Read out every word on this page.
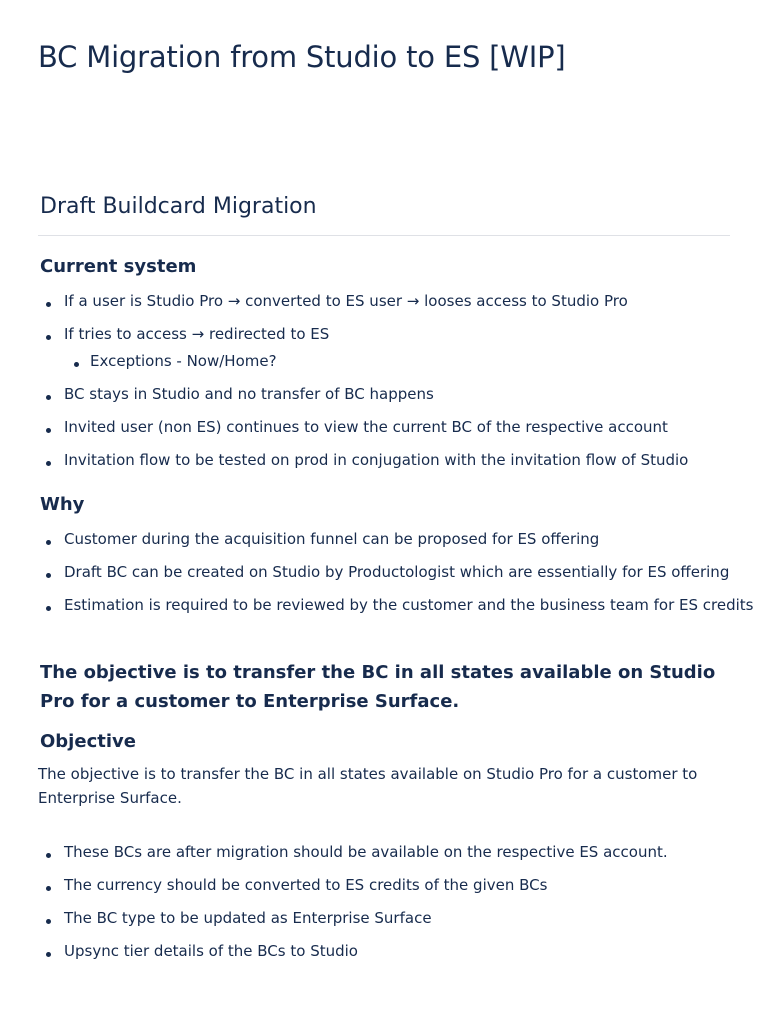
BC Migration from Studio to ES [WIP]
Draft Buildcard Migration
Current system
If a user is Studio Pro → converted to ES user → looses access to Studio Pro
If tries to access → redirected to ES
Exceptions - Now/Home?
BC stays in Studio and no transfer of BC happens
Invited user (non ES) continues to view the current BC of the respective account
Invitation flow to be tested on prod in conjugation with the invitation flow of Studio
Why
Customer during the acquisition funnel can be proposed for ES offering
Draft BC can be created on Studio by Productologist which are essentially for ES offering
Estimation is required to be reviewed by the customer and the business team for ES credits
The objective is to transfer the BC in all states available on Studio Pro for a customer to Enterprise Surface.
Objective

The objective is to transfer the BC in all states available on Studio Pro for a customer to Enterprise Surface.

These BCs are after migration should be available on the respective ES account.
The currency should be converted to ES credits of the given BCs
The BC type to be updated as Enterprise Surface
Upsync tier details of the BCs to Studio
